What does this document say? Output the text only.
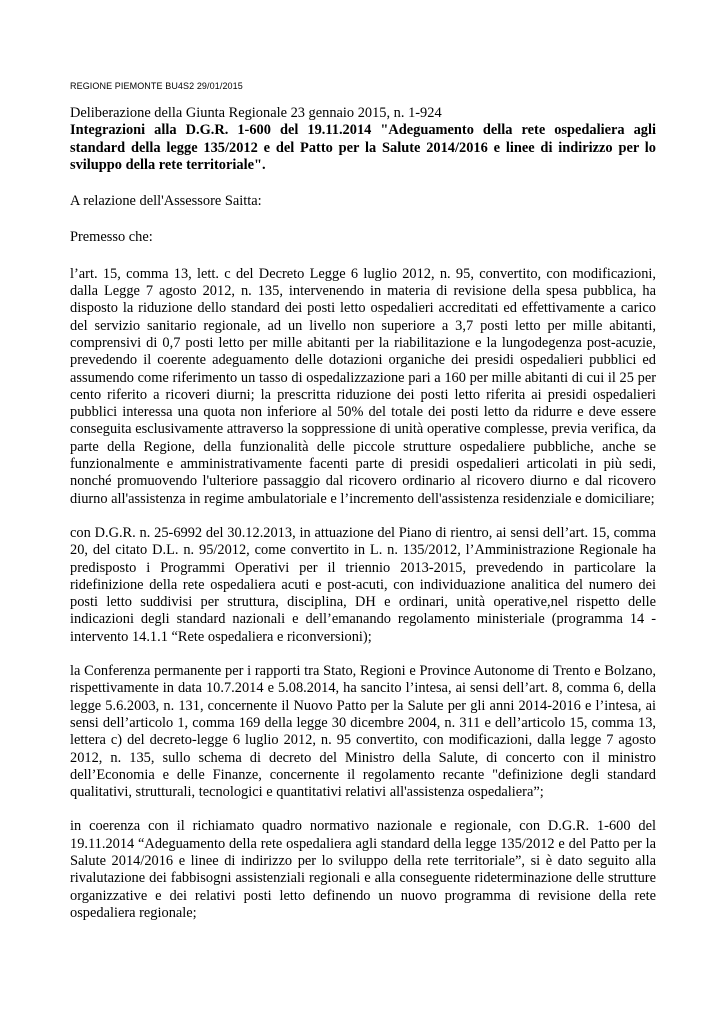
REGIONE PIEMONTE BU4S2 29/01/2015

Deliberazione della Giunta Regionale 23 gennaio 2015, n. 1-924

Integrazioni alla D.G.R. 1-600 del 19.11.2014 "Adeguamento della rete ospedaliera agli standard della legge 135/2012 e del Patto per la Salute 2014/2016 e linee di indirizzo per lo sviluppo della rete territoriale".

A relazione dell'Assessore Saitta:

Premesso che:

l’art. 15, comma 13, lett. c del Decreto Legge 6 luglio 2012, n. 95, convertito, con modificazioni, dalla Legge 7 agosto 2012, n. 135, intervenendo in materia di revisione della spesa pubblica, ha disposto la riduzione dello standard dei posti letto ospedalieri accreditati ed effettivamente a carico del servizio sanitario regionale, ad un livello non superiore a 3,7 posti letto per mille abitanti, comprensivi di 0,7 posti letto per mille abitanti per la riabilitazione e la lungodegenza post-acuzie, prevedendo il coerente adeguamento delle dotazioni organiche dei presidi ospedalieri pubblici ed assumendo come riferimento un tasso di ospedalizzazione pari a 160 per mille abitanti di cui il 25 per cento riferito a ricoveri diurni; la prescritta riduzione dei posti letto riferita ai presidi ospedalieri pubblici interessa una quota non inferiore al 50% del totale dei posti letto da ridurre e deve essere conseguita esclusivamente attraverso la soppressione di unità operative complesse, previa verifica, da parte della Regione, della funzionalità delle piccole strutture ospedaliere pubbliche, anche se funzionalmente e amministrativamente facenti parte di presidi ospedalieri articolati in più sedi, nonché promuovendo l'ulteriore passaggio dal ricovero ordinario al ricovero diurno e dal ricovero diurno all'assistenza in regime ambulatoriale e l’incremento dell'assistenza residenziale e domiciliare;

con D.G.R. n. 25-6992 del 30.12.2013, in attuazione del Piano di rientro, ai sensi dell’art. 15, comma 20, del citato D.L. n. 95/2012, come convertito in L. n. 135/2012, l’Amministrazione Regionale ha predisposto i Programmi Operativi per il triennio 2013-2015, prevedendo in particolare la ridefinizione della rete ospedaliera acuti e post-acuti, con individuazione analitica del numero dei posti letto suddivisi per struttura, disciplina, DH e ordinari, unità operative,nel rispetto delle indicazioni degli standard nazionali e dell’emanando regolamento ministeriale (programma 14 - intervento 14.1.1 “Rete ospedaliera e riconversioni);

la Conferenza permanente per i rapporti tra Stato, Regioni e Province Autonome di Trento e Bolzano, rispettivamente in data 10.7.2014 e 5.08.2014, ha sancito l’intesa, ai sensi dell’art. 8, comma 6, della legge 5.6.2003, n. 131, concernente il Nuovo Patto per la Salute per gli anni 2014-2016 e l’intesa, ai sensi dell’articolo 1, comma 169 della legge 30 dicembre 2004, n. 311 e dell’articolo 15, comma 13, lettera c) del decreto-legge 6 luglio 2012, n. 95 convertito, con modificazioni, dalla legge 7 agosto 2012, n. 135, sullo schema di decreto del Ministro della Salute, di concerto con il ministro dell’Economia e delle Finanze, concernente il regolamento recante "definizione degli standard qualitativi, strutturali, tecnologici e quantitativi relativi all'assistenza ospedaliera”;

in coerenza con il richiamato quadro normativo nazionale e regionale, con D.G.R. 1-600 del 19.11.2014 “Adeguamento della rete ospedaliera agli standard della legge 135/2012 e del Patto per la Salute 2014/2016 e linee di indirizzo per lo sviluppo della rete territoriale”, si è dato seguito alla rivalutazione dei fabbisogni assistenziali regionali e alla conseguente rideterminazione delle strutture organizzative e dei relativi posti letto definendo un nuovo programma di revisione della rete ospedaliera regionale;
